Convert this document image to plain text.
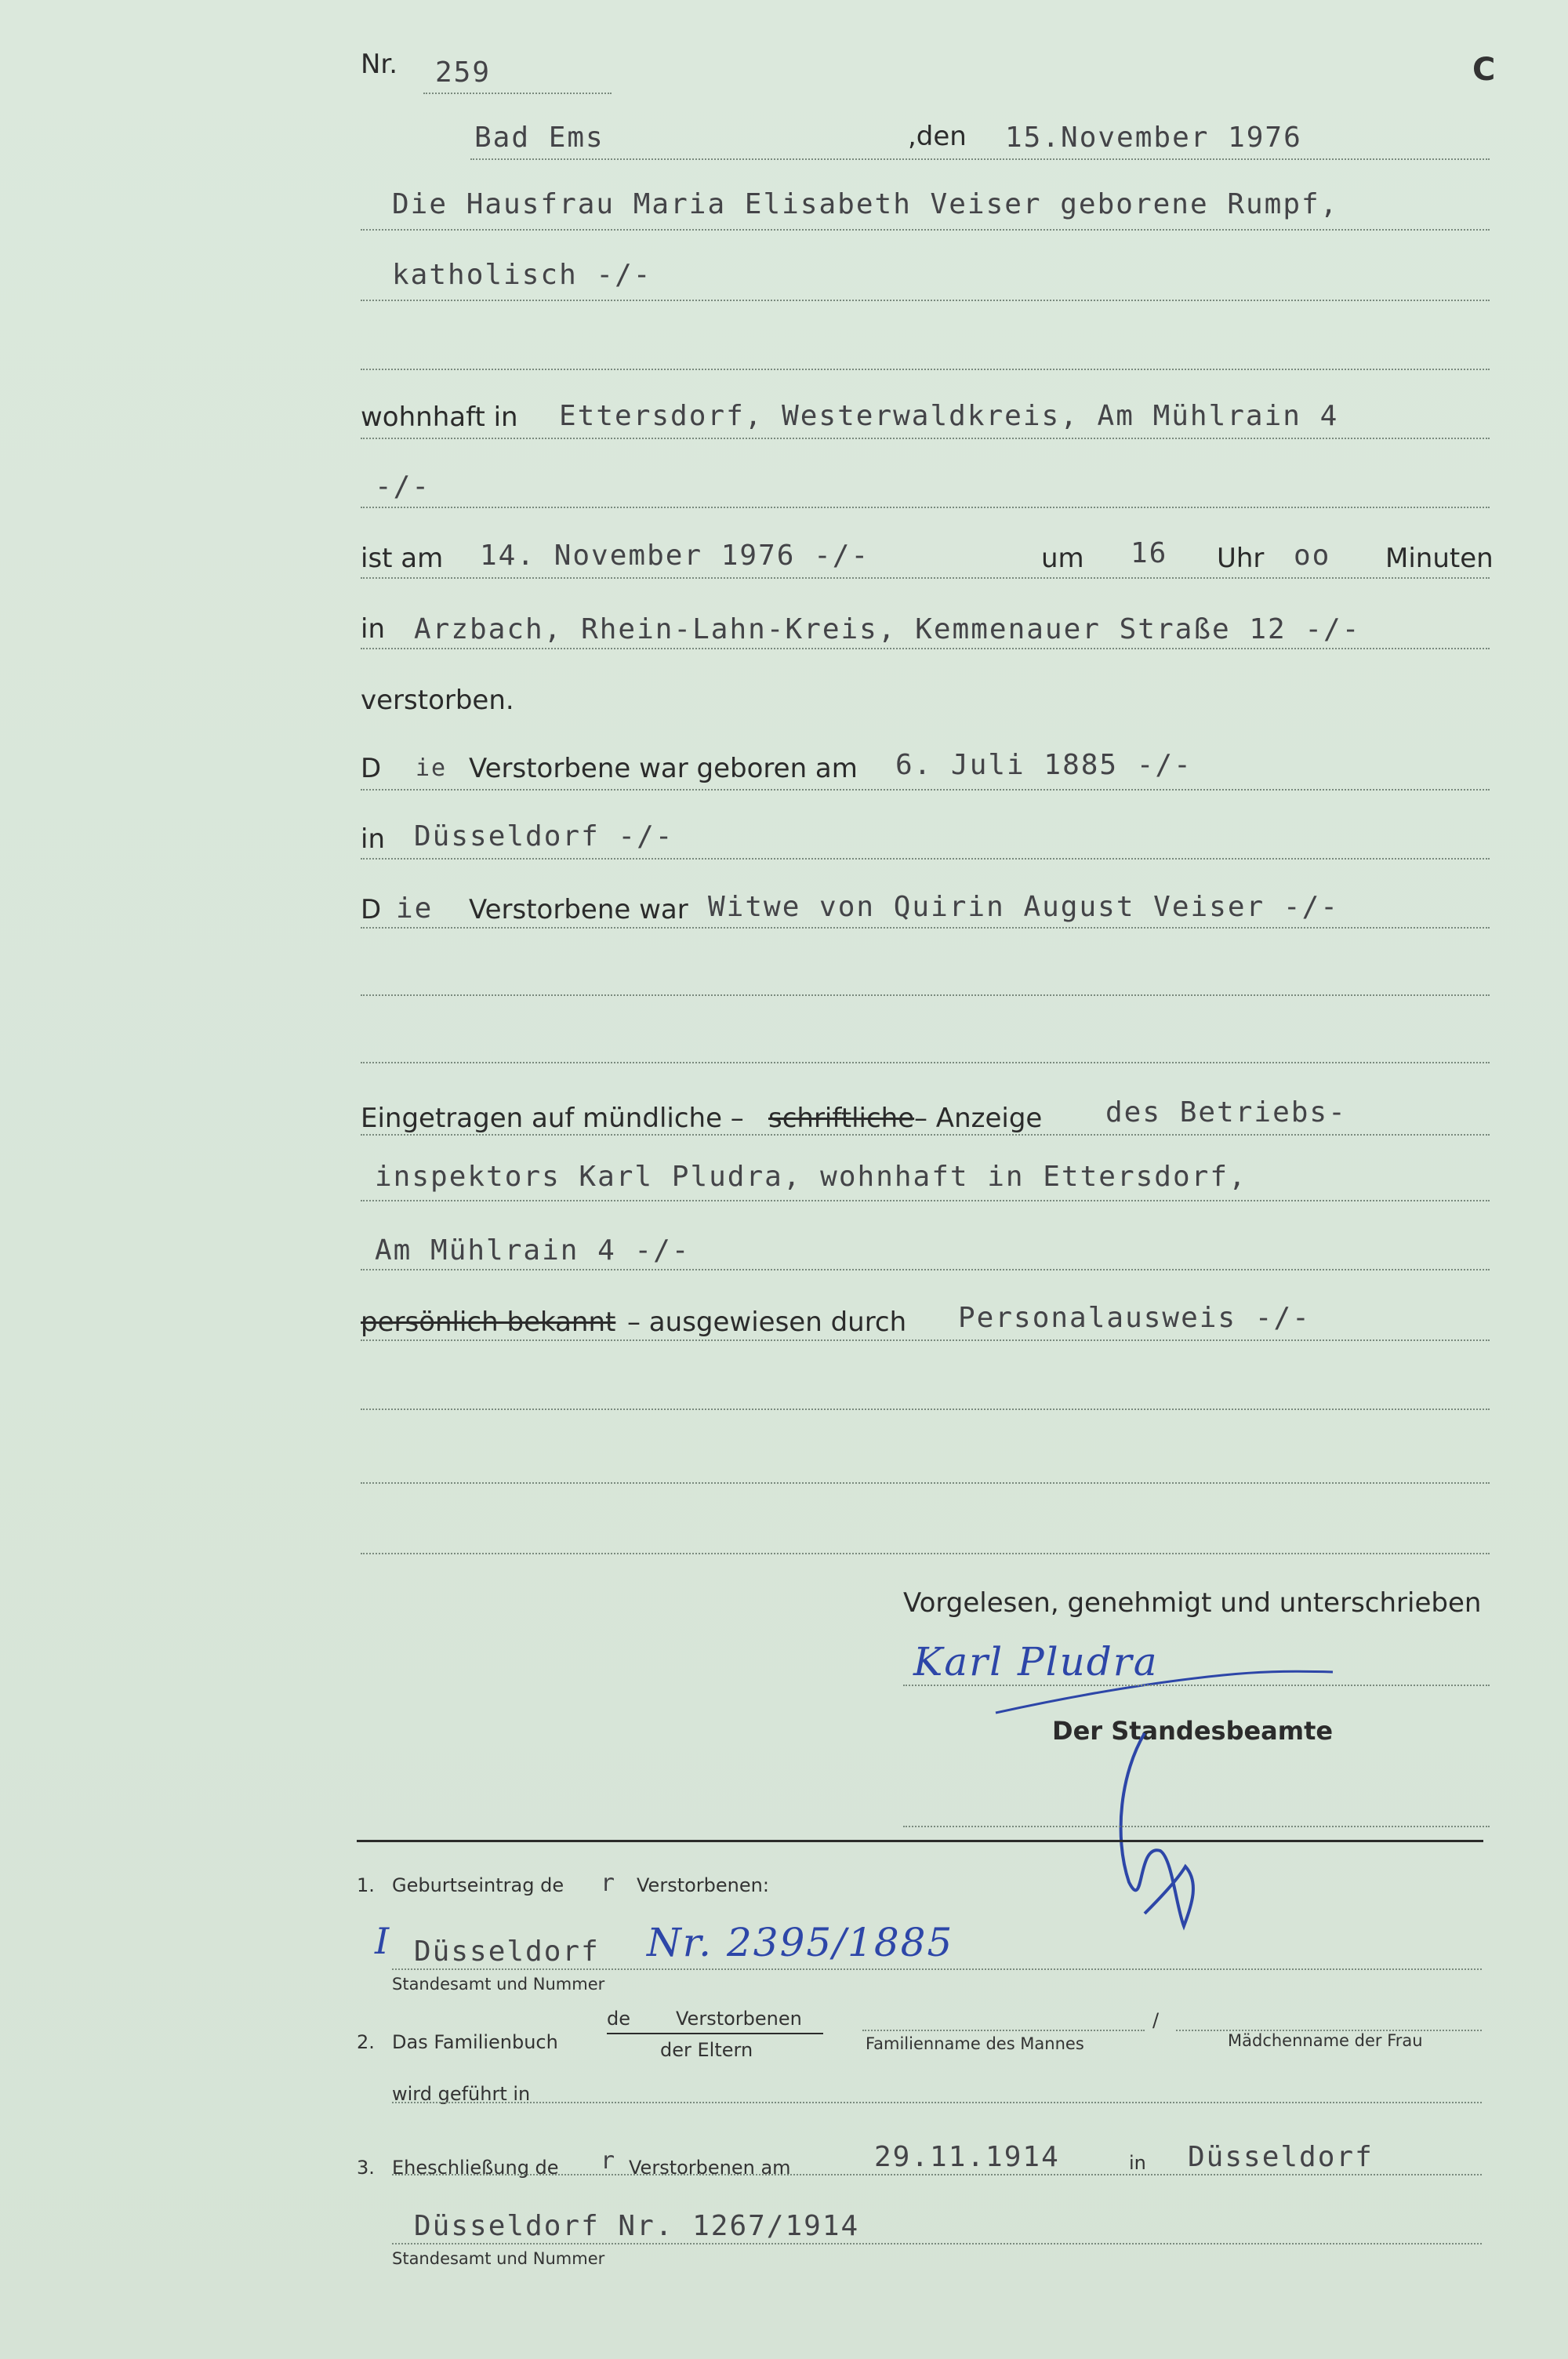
Nr. 259	C
Bad Ems	,den 15.November 1976
Die Hausfrau Maria Elisabeth Veiser geborene Rumpf,
katholisch -/-
wohnhaft in Ettersdorf, Westerwaldkreis, Am Mühlrain 4
-/-
ist am 14. November 1976 -/-	um 16 Uhr oo Minuten
in Arzbach, Rhein-Lahn-Kreis, Kemmenauer Straße 12 -/-
verstorben.
D ie Verstorbene war geboren am 6. Juli 1885 -/-
in Düsseldorf -/-
D ie Verstorbene war Witwe von Quirin August Veiser -/-
Eingetragen auf mündliche – schriftliche – Anzeige des Betriebs-
inspektors Karl Pludra, wohnhaft in Ettersdorf,
Am Mühlrain 4 -/-
persönlich bekannt – ausgewiesen durch Personalausweis -/-
Vorgelesen, genehmigt und unterschrieben
Karl Pludra
Der Standesbeamte
1. Geburtseintrag de r Verstorbenen:
I Düsseldorf Nr. 2395/1885
Standesamt und Nummer
2. Das Familienbuch
de Verstorbenen
der Eltern	Familienname des Mannes
/
Mädchenname der Frau
wird geführt in
3. Eheschließung de r Verstorbenen am	29.11.1914	in Düsseldorf
Düsseldorf Nr. 1267/1914
Standesamt und Nummer
